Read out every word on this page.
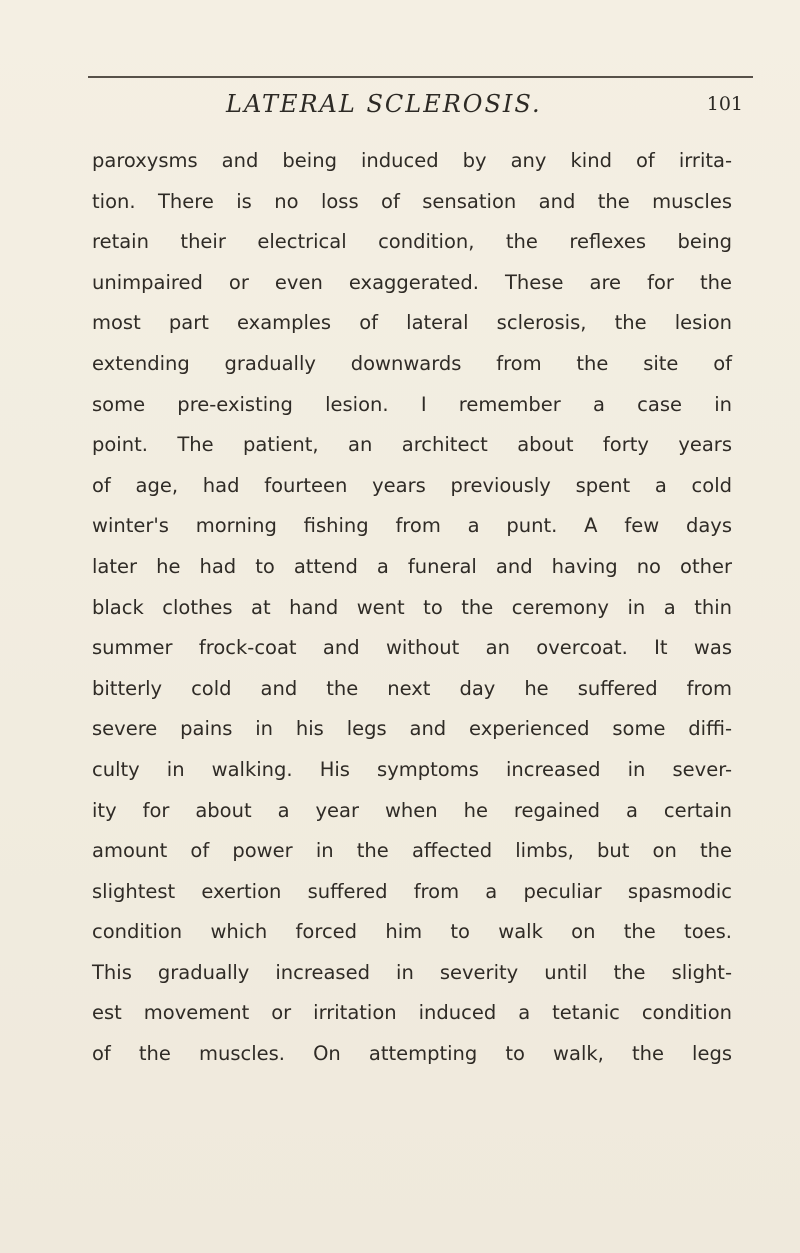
LATERAL SCLEROSIS.	101
paroxysms and being induced by any kind of irrita-
tion. There is no loss of sensation and the muscles
retain their electrical condition, the reflexes being
unimpaired or even exaggerated. These are for the
most part examples of lateral sclerosis, the lesion
extending gradually downwards from the site of
some pre-existing lesion. I remember a case in
point. The patient, an architect about forty years
of age, had fourteen years previously spent a cold
winter's morning fishing from a punt. A few days
later he had to attend a funeral and having no other
black clothes at hand went to the ceremony in a thin
summer frock-coat and without an overcoat. It was
bitterly cold and the next day he suffered from
severe pains in his legs and experienced some diffi-
culty in walking. His symptoms increased in sever-
ity for about a year when he regained a certain
amount of power in the affected limbs, but on the
slightest exertion suffered from a peculiar spasmodic
condition which forced him to walk on the toes.
This gradually increased in severity until the slight-
est movement or irritation induced a tetanic condition
of the muscles. On attempting to walk, the legs
